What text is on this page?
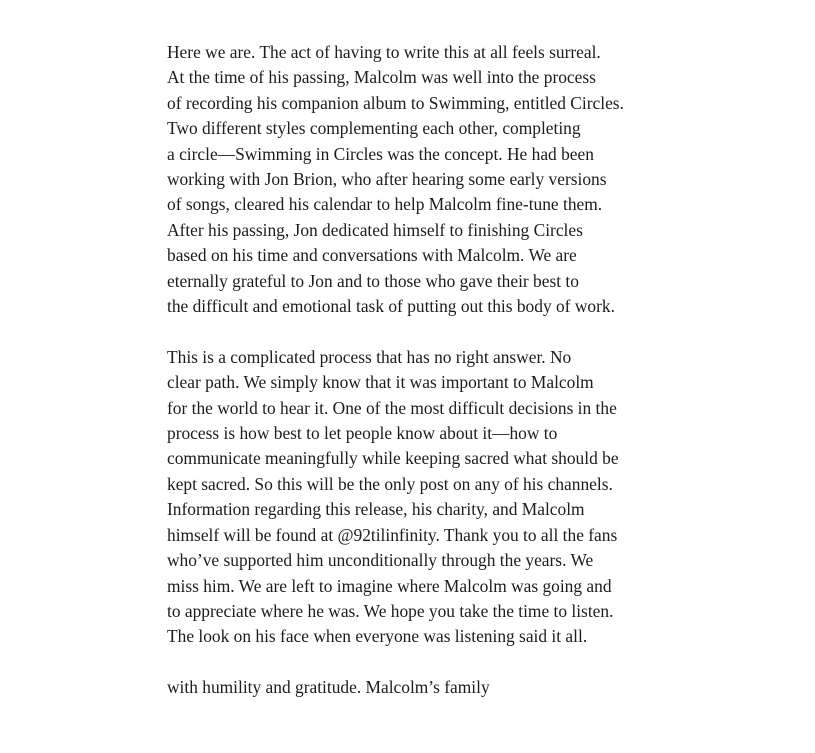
Here we are. The act of having to write this at all feels surreal.
At the time of his passing, Malcolm was well into the process
of recording his companion album to Swimming, entitled Circles.
Two different styles complementing each other, completing
a circle—Swimming in Circles was the concept. He had been
working with Jon Brion, who after hearing some early versions
of songs, cleared his calendar to help Malcolm fine-tune them.
After his passing, Jon dedicated himself to finishing Circles
based on his time and conversations with Malcolm. We are
eternally grateful to Jon and to those who gave their best to
the difficult and emotional task of putting out this body of work.
This is a complicated process that has no right answer. No
clear path. We simply know that it was important to Malcolm
for the world to hear it. One of the most difficult decisions in the
process is how best to let people know about it—how to
communicate meaningfully while keeping sacred what should be
kept sacred. So this will be the only post on any of his channels.
Information regarding this release, his charity, and Malcolm
himself will be found at @92tilinfinity. Thank you to all the fans
who’ve supported him unconditionally through the years. We
miss him. We are left to imagine where Malcolm was going and
to appreciate where he was. We hope you take the time to listen.
The look on his face when everyone was listening said it all.
with humility and gratitude. Malcolm’s family
